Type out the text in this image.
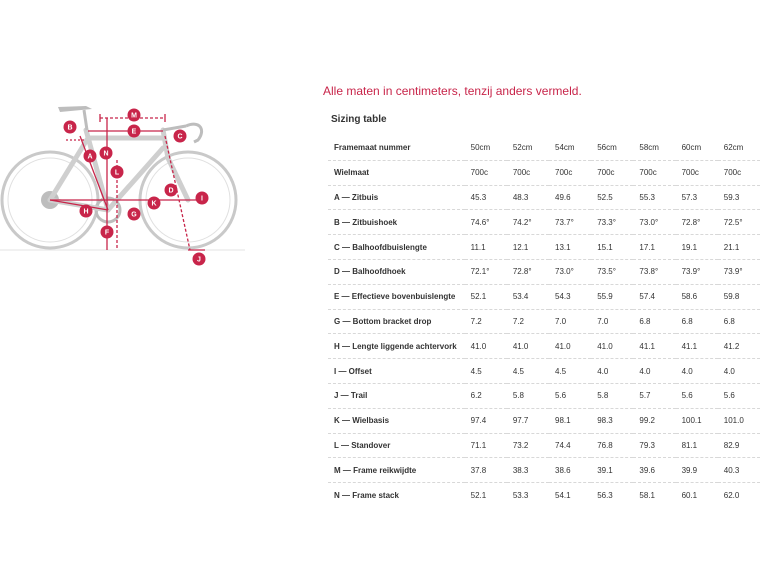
M
E
B
C
A N
L
D
I
H
K
G
F
J
Alle maten in centimeters, tenzij anders vermeld.
Sizing table
Framemaat nummer	50cm	52cm	54cm	56cm	58cm	60cm	62cm
Wielmaat	700c	700c	700c	700c	700c	700c	700c
A — Zitbuis	45.3	48.3	49.6	52.5	55.3	57.3	59.3
B — Zitbuishoek	74.6°	74.2°	73.7°	73.3°	73.0°	72.8°	72.5°
C — Balhoofdbuislengte	11.1	12.1	13.1	15.1	17.1	19.1	21.1
D — Balhoofdhoek	72.1°	72.8°	73.0°	73.5°	73.8°	73.9°	73.9°
E — Effectieve bovenbuislengte	52.1	53.4	54.3	55.9	57.4	58.6	59.8
G — Bottom bracket drop	7.2	7.2	7.0	7.0	6.8	6.8	6.8
H — Lengte liggende achtervork	41.0	41.0	41.0	41.0	41.1	41.1	41.2
I — Offset	4.5	4.5	4.5	4.0	4.0	4.0	4.0
J — Trail	6.2	5.8	5.6	5.8	5.7	5.6	5.6
K — Wielbasis	97.4	97.7	98.1	98.3	99.2	100.1	101.0
L — Standover	71.1	73.2	74.4	76.8	79.3	81.1	82.9
M — Frame reikwijdte	37.8	38.3	38.6	39.1	39.6	39.9	40.3
N — Frame stack	52.1	53.3	54.1	56.3	58.1	60.1	62.0
